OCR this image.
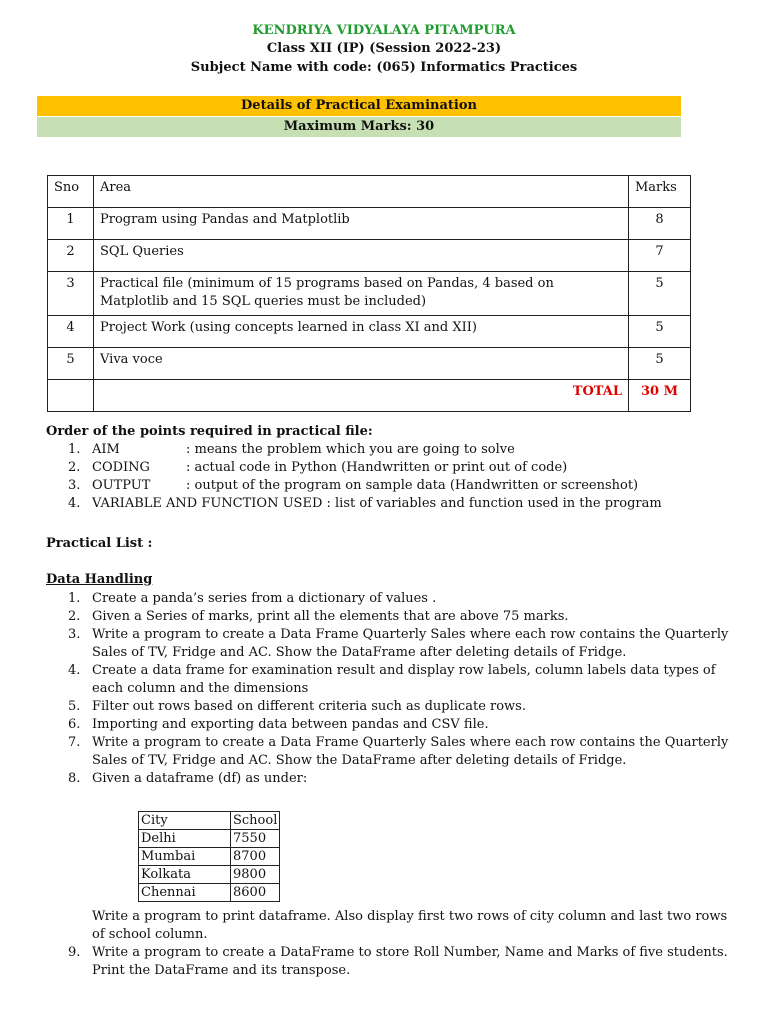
KENDRIYA VIDYALAYA PITAMPURA
Class XII (IP) (Session 2022-23)
Subject Name with code: (065) Informatics Practices
Details of Practical Examination
Maximum Marks: 30
Sno	Area	Marks
1	Program using Pandas and Matplotlib	8
2	SQL Queries	7
3	Practical file (minimum of 15 programs based on Pandas, 4 based on Matplotlib and 15 SQL queries must be included)	5
4	Project Work (using concepts learned in class XI and XII)	5
5	Viva voce	5
	TOTAL	30 M
Order of the points required in practical file:
1. AIM	: means the problem which you are going to solve
2. CODING	: actual code in Python (Handwritten or print out of code)
3. OUTPUT	: output of the program on sample data (Handwritten or screenshot)
4. VARIABLE AND FUNCTION USED : list of variables and function used in the program
Practical List :
Data Handling
1. Create a panda’s series from a dictionary of values .
2. Given a Series of marks, print all the elements that are above 75 marks.
3. Write a program to create a Data Frame Quarterly Sales where each row contains the Quarterly Sales of TV, Fridge and AC. Show the DataFrame after deleting details of Fridge.
4. Create a data frame for examination result and display row labels, column labels data types of each column and the dimensions
5. Filter out rows based on different criteria such as duplicate rows.
6. Importing and exporting data between pandas and CSV file.
7. Write a program to create a Data Frame Quarterly Sales where each row contains the Quarterly Sales of TV, Fridge and AC. Show the DataFrame after deleting details of Fridge.
8. Given a dataframe (df) as under:
City	School
Delhi	7550
Mumbai	8700
Kolkata	9800
Chennai	8600
Write a program to print dataframe. Also display first two rows of city column and last two rows of school column.
9. Write a program to create a DataFrame to store Roll Number, Name and Marks of five students. Print the DataFrame and its transpose.
